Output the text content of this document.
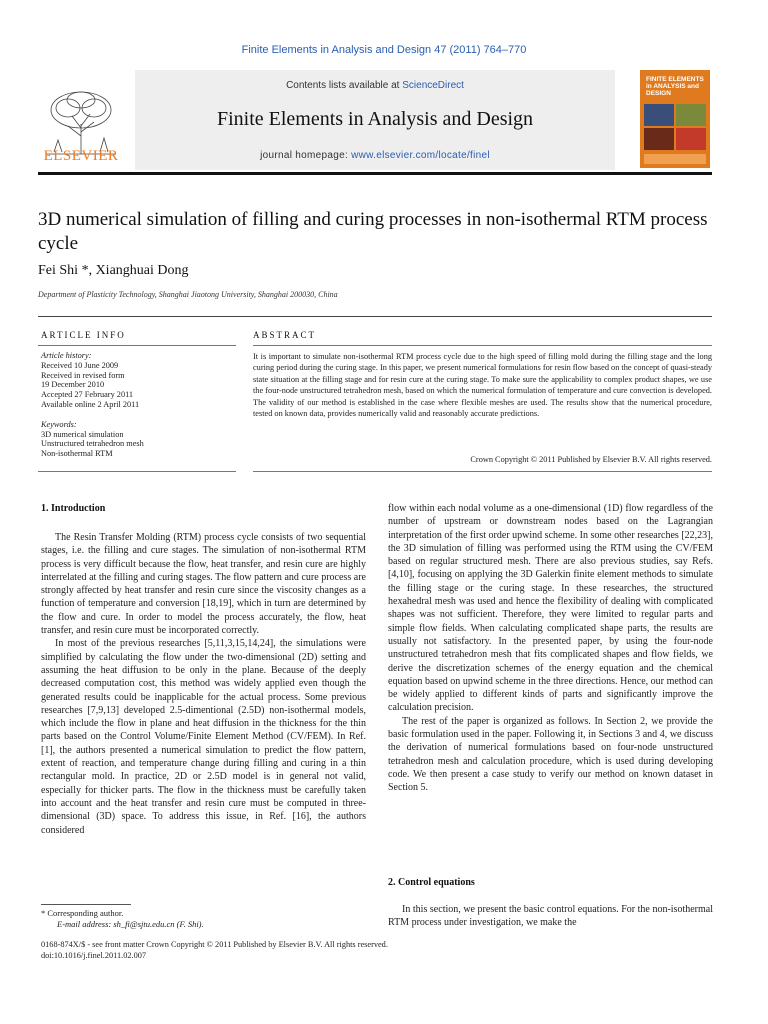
Finite Elements in Analysis and Design 47 (2011) 764–770
Contents lists available at ScienceDirect
Finite Elements in Analysis and Design
journal homepage: www.elsevier.com/locate/finel
ELSEVIER
FINITE ELEMENTS in ANALYSIS and DESIGN
3D numerical simulation of filling and curing processes in non-isothermal RTM process cycle
Fei Shi *, Xianghuai Dong
Department of Plasticity Technology, Shanghai Jiaotong University, Shanghai 200030, China
ARTICLE INFO
Article history:
Received 10 June 2009
Received in revised form
19 December 2010
Accepted 27 February 2011
Available online 2 April 2011
Keywords:
3D numerical simulation
Unstructured tetrahedron mesh
Non-isothermal RTM
ABSTRACT
It is important to simulate non-isothermal RTM process cycle due to the high speed of filling mold during the filling stage and the long curing period during the curing stage. In this paper, we present numerical formulations for resin flow based on the concept of quasi-steady state situation at the filling stage and for resin cure at the curing stage. To make sure the applicability to complex product shapes, we use the four-node unstructured tetrahedron mesh, based on which the numerical formulation of temperature and cure convection is developed. The validity of our method is established in the case where flexible meshes are used. The results show that the numerical procedure, tested on known data, provides numerically valid and reasonably accurate predictions.
Crown Copyright © 2011 Published by Elsevier B.V. All rights reserved.
1. Introduction

The Resin Transfer Molding (RTM) process cycle consists of two sequential stages, i.e. the filling and cure stages. The simulation of non-isothermal RTM process is very difficult because the flow, heat transfer, and resin cure are highly interrelated at the filling and curing stages. The flow pattern and cure process are strongly affected by heat transfer and resin cure since the viscosity changes as a function of temperature and conversion [18,19], which in turn are determined by the flow and cure. In order to model the process accurately, the flow, heat transfer, and resin cure must be incorporated correctly.

In most of the previous researches [5,11,3,15,14,24], the simulations were simplified by calculating the flow under the two-dimensional (2D) setting and assuming the heat diffusion to be only in the plane. Because of the deeply decreased computation cost, this method was widely applied even though the generated results could be inapplicable for the actual process. Some previous researches [7,9,13] developed 2.5-dimentional (2.5D) non-isothermal models, which include the flow in plane and heat diffusion in the thickness for the thin parts based on the Control Volume/Finite Element Method (CV/FEM). In Ref. [1], the authors presented a numerical simulation to predict the flow pattern, extent of reaction, and temperature change during filling and curing in a thin rectangular mold. In practice, 2D or 2.5D model is in general not valid, especially for thicker parts. The flow in the thickness must be carefully taken into account and the heat transfer and resin cure must be computed in three-dimensional (3D) space. To address this issue, in Ref. [16], the authors considered

flow within each nodal volume as a one-dimensional (1D) flow regardless of the number of upstream or downstream nodes based on the Lagrangian interpretation of the first order upwind scheme. In some other researches [22,23], the 3D simulation of filling was performed using the RTM using the CV/FEM based on regular structured mesh. There are also previous studies, say Refs. [4,10], focusing on applying the 3D Galerkin finite element methods to simulate the filling stage or the curing stage. In these researches, the structured hexahedral mesh was used and hence the flexibility of dealing with complicated shapes was not sufficient. Therefore, they were limited to regular parts and simple flow fields. When calculating complicated shape parts, the results are usually not satisfactory. In the presented paper, by using the four-node unstructured tetrahedron mesh that fits complicated shapes and flow fields, we derive the discretization schemes of the energy equation and the chemical equation based on upwind scheme in the three directions. Hence, our method can be widely applied to different kinds of parts and significantly improve the calculation precision.

The rest of the paper is organized as follows. In Section 2, we provide the basic formulation used in the paper. Following it, in Sections 3 and 4, we discuss the derivation of numerical formulations based on four-node unstructured tetrahedron mesh and calculation procedure, which is used during developing code. We then present a case study to verify our method on known dataset in Section 5.

2. Control equations

In this section, we present the basic control equations. For the non-isothermal RTM process under investigation, we make the

* Corresponding author.
E-mail address: sh_fi@sjtu.edu.cn (F. Shi).
0168-874X/$ - see front matter Crown Copyright © 2011 Published by Elsevier B.V. All rights reserved.
doi:10.1016/j.finel.2011.02.007
